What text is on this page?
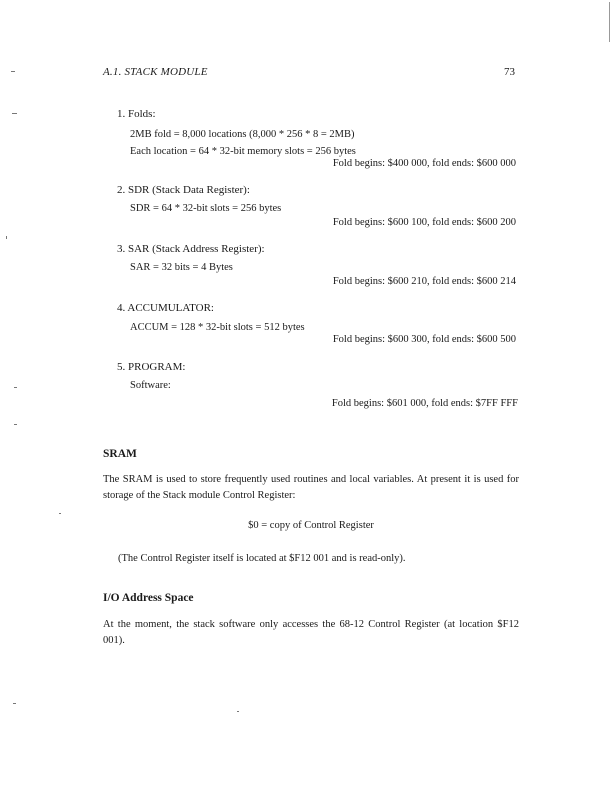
A.1. STACK MODULE	73
1. Folds:
2MB fold = 8,000 locations (8,000 * 256 * 8 = 2MB)
Each location = 64 * 32-bit memory slots = 256 bytes
Fold begins: $400 000, fold ends: $600 000
2. SDR (Stack Data Register):
SDR = 64 * 32-bit slots = 256 bytes
Fold begins: $600 100, fold ends: $600 200
3. SAR (Stack Address Register):
SAR = 32 bits = 4 Bytes
Fold begins: $600 210, fold ends: $600 214
4. ACCUMULATOR:
ACCUM = 128 * 32-bit slots = 512 bytes
Fold begins: $600 300, fold ends: $600 500
5. PROGRAM:
Software:
Fold begins: $601 000, fold ends: $7FF FFF
SRAM
The SRAM is used to store frequently used routines and local variables. At present it is used for storage of the Stack module Control Register:
$0 = copy of Control Register
(The Control Register itself is located at $F12 001 and is read-only).
I/O Address Space
At the moment, the stack software only accesses the 68-12 Control Register (at location $F12 001).
